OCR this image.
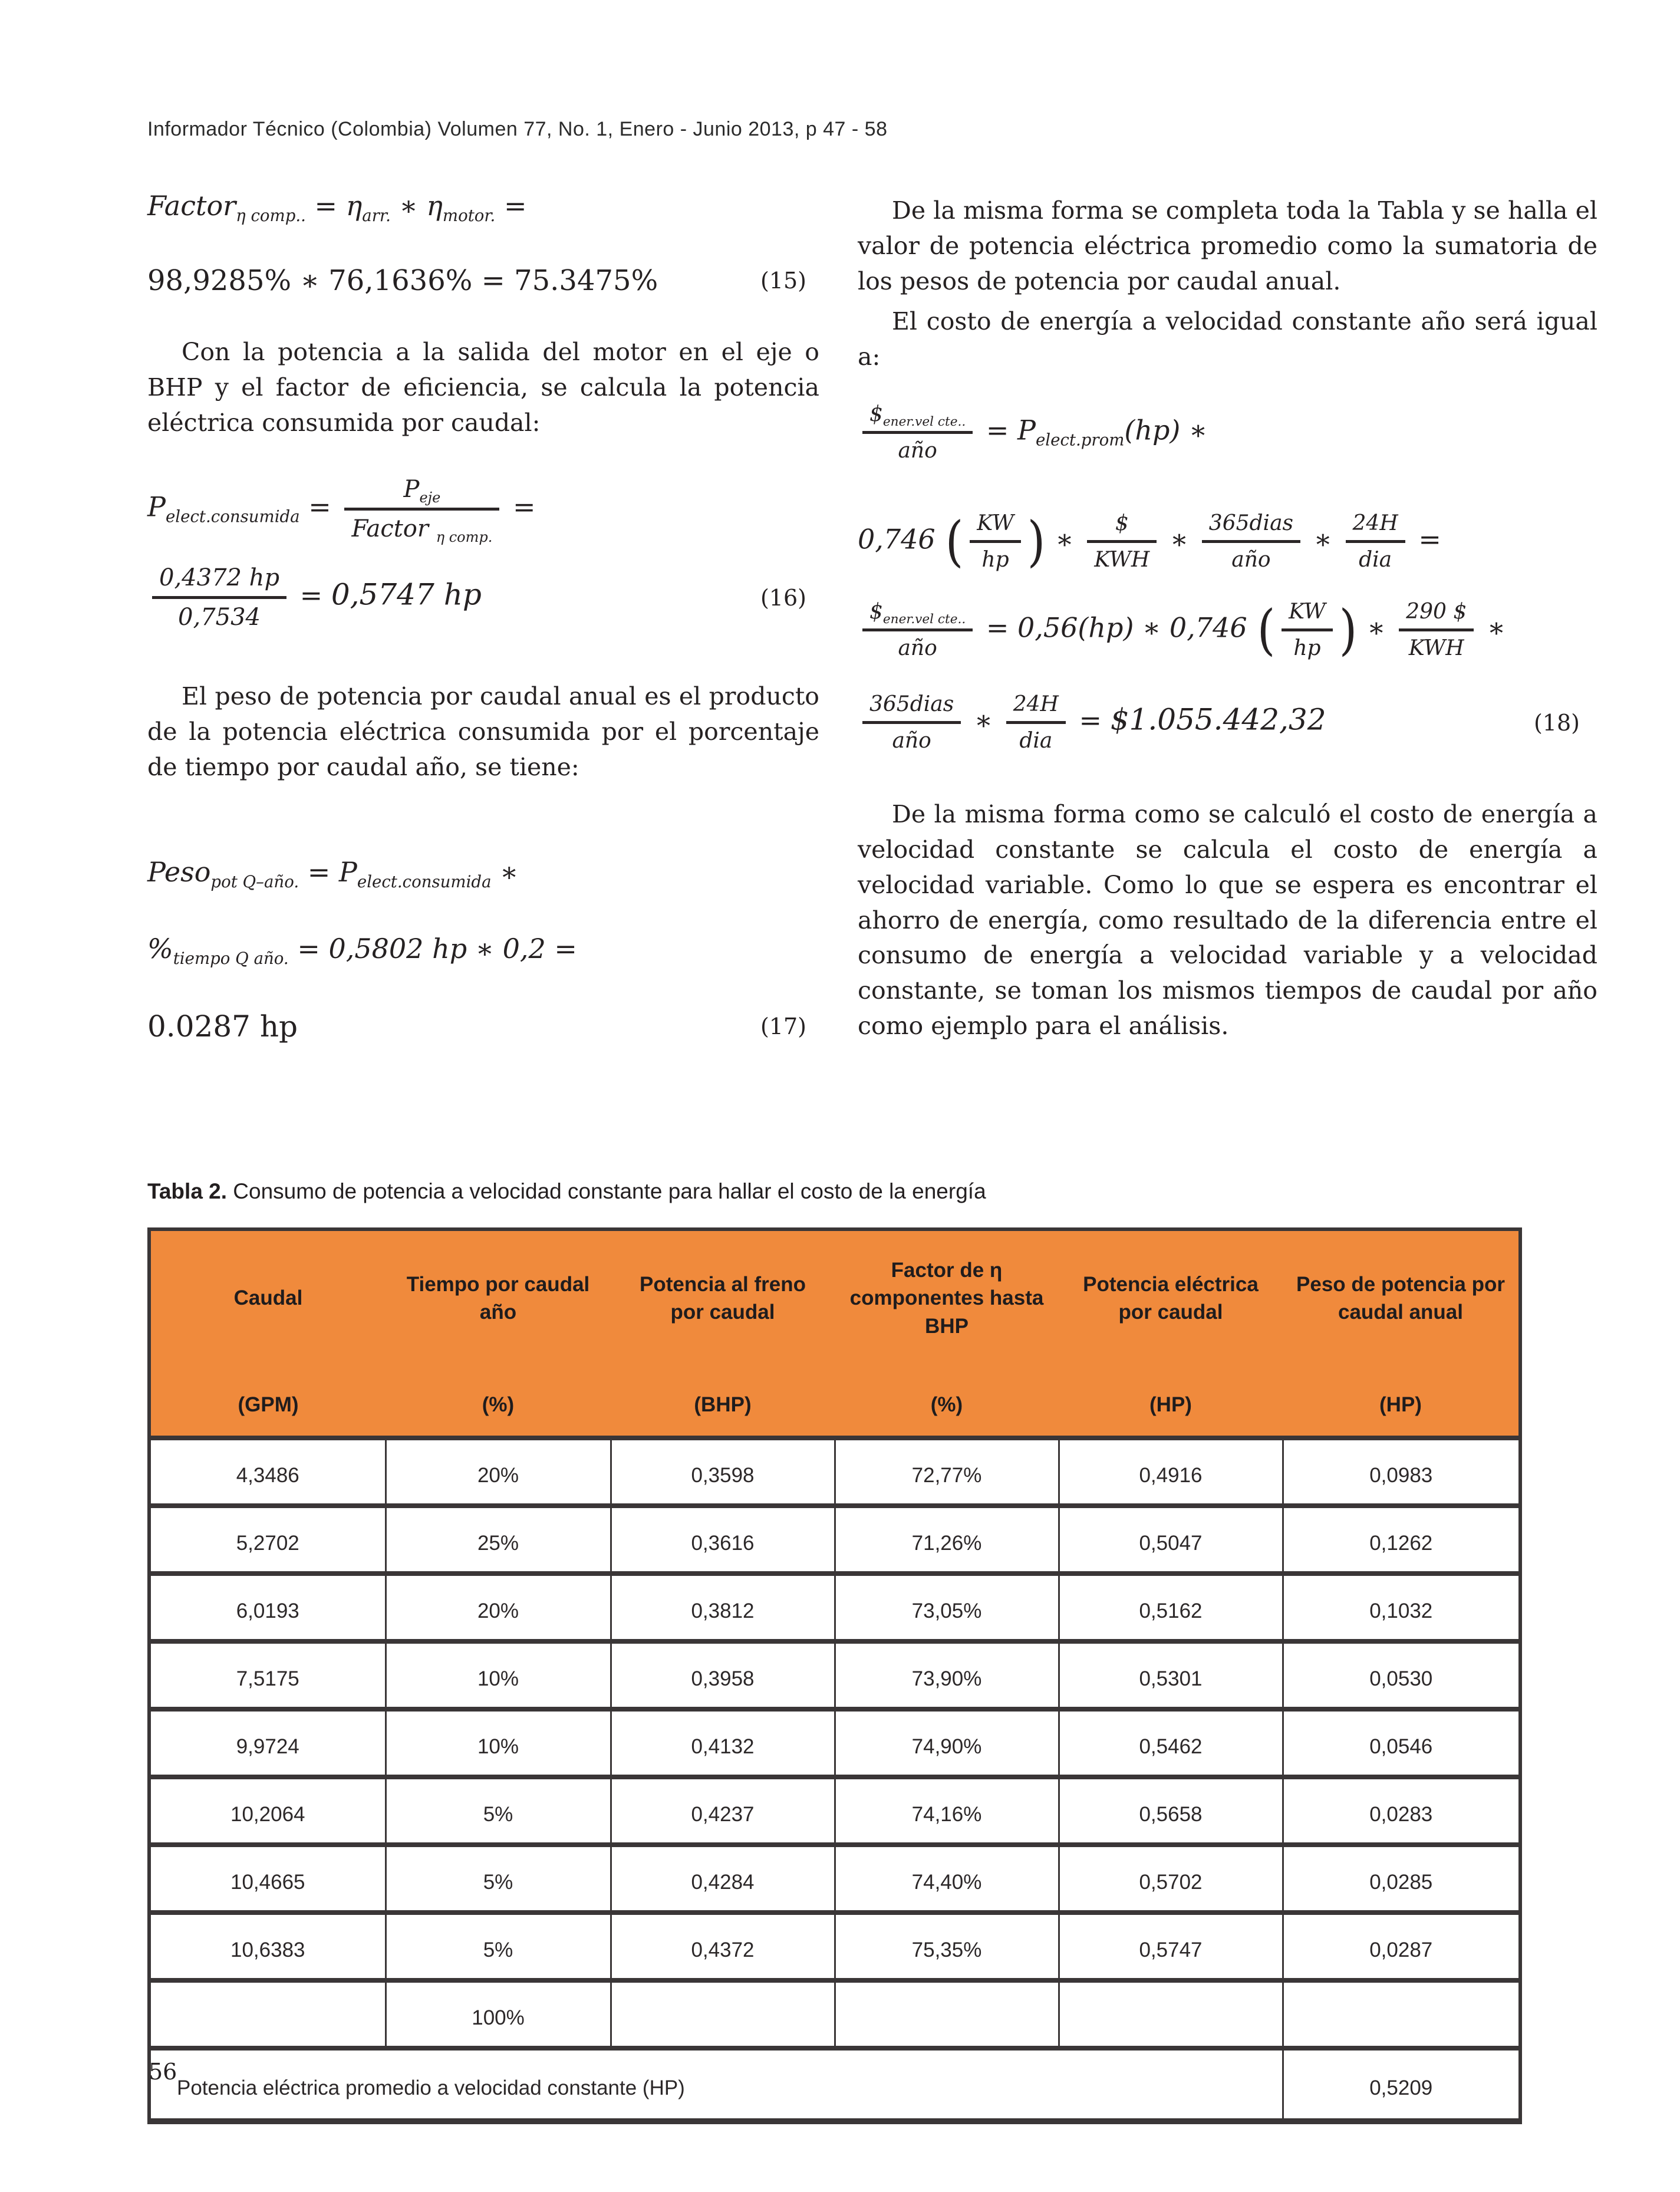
Informador Técnico (Colombia) Volumen 77, No. 1, Enero - Junio 2013, p 47 - 58
Factor$_{\eta comp..}$ = $\eta_{arr.}$ ∗ $\eta_{motor.}$ =
98,9285% ∗ 76,1636% = 75.3475%	(15)
Con la potencia a la salida del motor en el eje o BHP y el factor de eficiencia, se calcula la potencia eléctrica consumida por caudal:
$P_{elect.consumida} = \frac{P_{eje}}{Factor _{\eta comp.}}$ =
$\frac{0,4372 hp}{0,7534} = 0,5747$ hp	(16)
El peso de potencia por caudal anual es el producto de la potencia eléctrica consumida por el porcentaje de tiempo por caudal año, se tiene:
Peso$_{pot Q-año.}$ = $P_{elect.consumida}$ ∗
$\%_{tiempo Q año.} = 0,5802$ hp ∗ 0,2 =
0.0287 hp	(17)
De la misma forma se completa toda la Tabla y se halla el valor de potencia eléctrica promedio como la sumatoria de los pesos de potencia por caudal anual.
El costo de energía a velocidad constante año será igual a:
$\frac{\$_{ener.vel cte..}}{\text{año}} = P_{elect.prom}(hp)$ ∗
0,746 ( $\frac{KW}{hp}$ ) ∗ $\frac{\$}{\text{KWH}}$ ∗ $\frac{\text{365dias}}{\text{año}}$ ∗ $\frac{24H}{\text{dia}}$ =
$\frac{\$_{ener.vel cte..}}{\text{año}} = 0,56(hp)$ ∗ 0,746 ( $\frac{KW}{hp}$ ) ∗ $\frac{290 \$}{\text{KWH}}$ ∗
$\frac{\text{365dias}}{\text{año}}$ ∗ $\frac{24H}{\text{dia}}$ = $1.055.442,32	(18)
De la misma forma como se calculó el costo de energía a velocidad constante se calcula el costo de energía a velocidad variable. Como lo que se espera es encontrar el ahorro de energía, como resultado de la diferencia entre el consumo de energía a velocidad variable y a velocidad constante, se toman los mismos tiempos de caudal por año como ejemplo para el análisis.
Tabla 2. Consumo de potencia a velocidad constante para hallar el costo de la energía
Caudal	Tiempo por caudal año	Potencia al freno por caudal	Factor de η componentes hasta BHP	Potencia eléctrica por caudal	Peso de potencia por caudal anual
(GPM)	(%)	(BHP)	(%)	(HP)	(HP)
4,3486	20%	0,3598	72,77%	0,4916	0,0983
5,2702	25%	0,3616	71,26%	0,5047	0,1262
6,0193	20%	0,3812	73,05%	0,5162	0,1032
7,5175	10%	0,3958	73,90%	0,5301	0,0530
9,9724	10%	0,4132	74,90%	0,5462	0,0546
10,2064	5%	0,4237	74,16%	0,5658	0,0283
10,4665	5%	0,4284	74,40%	0,5702	0,0285
10,6383	5%	0,4372	75,35%	0,5747	0,0287
	100%				
Potencia eléctrica promedio a velocidad constante (HP)					0,5209
56
